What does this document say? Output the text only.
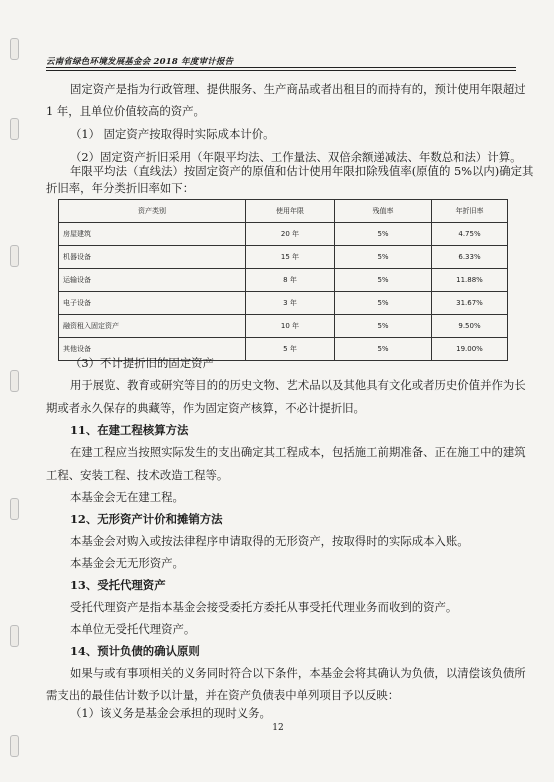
云南省绿色环境发展基金会 2018 年度审计报告
固定资产是指为行政管理、提供服务、生产商品或者出租目的而持有的，预计使用年限超过
1 年，且单位价值较高的资产。
（1） 固定资产按取得时实际成本计价。
（2）固定资产折旧采用（年限平均法、工作量法、双倍余额递减法、年数总和法）计算。
年限平均法（直线法）按固定资产的原值和估计使用年限扣除残值率(原值的 5%以内)确定其
折旧率，年分类折旧率如下：
资产类别	使用年限	残值率	年折旧率
房屋建筑	20 年	5%	4.75%
机器设备	15 年	5%	6.33%
运输设备	8 年	5%	11.88%
电子设备	3 年	5%	31.67%
融资租入固定资产	10 年	5%	9.50%
其他设备	5 年	5%	19.00%
（3）不计提折旧的固定资产
用于展览、教育或研究等目的的历史文物、艺术品以及其他具有文化或者历史价值并作为长
期或者永久保存的典藏等，作为固定资产核算，不必计提折旧。
11、在建工程核算方法
在建工程应当按照实际发生的支出确定其工程成本，包括施工前期准备、正在施工中的建筑
工程、安装工程、技术改造工程等。
本基金会无在建工程。
12、无形资产计价和摊销方法
本基金会对购入或按法律程序申请取得的无形资产，按取得时的实际成本入账。
本基金会无无形资产。
13、受托代理资产
受托代理资产是指本基金会接受委托方委托从事受托代理业务而收到的资产。
本单位无受托代理资产。
14、预计负债的确认原则
如果与或有事项相关的义务同时符合以下条件，本基金会将其确认为负债，以清偿该负债所
需支出的最佳估计数予以计量，并在资产负债表中单列项目予以反映：
（1）该义务是基金会承担的现时义务。
12
